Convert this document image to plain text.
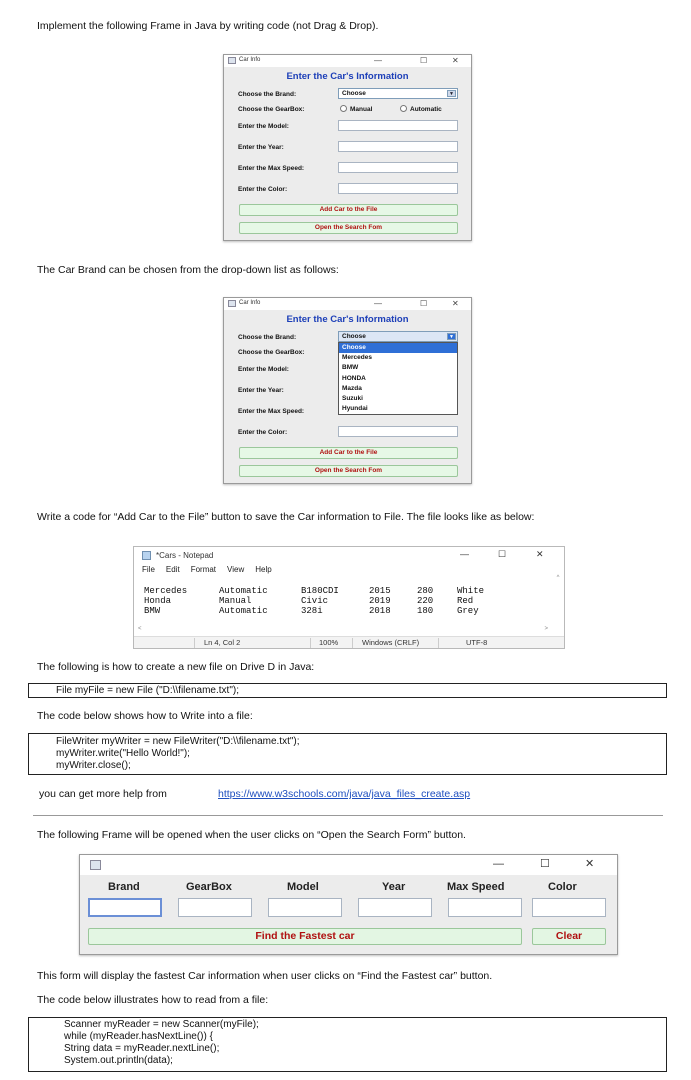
Implement the following Frame in Java by writing code (not Drag & Drop).
Car Info	—	☐	✕
Enter the Car's Information
Choose the Brand:	Choose	▼
Choose the GearBox:	Manual	Automatic
Enter the Model:
Enter the Year:
Enter the Max Speed:
Enter the Color:
Add Car to the File
Open the Search Fom
The Car Brand can be chosen from the drop-down list as follows:
Car Info	—	☐	✕
Enter the Car's Information
Choose the Brand:	Choose	▼
Choose the GearBox:
Enter the Model:
Enter the Year:
Enter the Max Speed:
Enter the Color:
Choose
Mercedes
BMW
HONDA
Mazda
Suzuki
Hyundai
Add Car to the File
Open the Search Fom
Write a code for “Add Car to the File” button to save the Car information to File. The file looks like as below:
*Cars - Notepad	—	☐	✕
File Edit Format View Help
Mercedes	Automatic	B180CDI	2015	280	White
Honda	Manual	Civic	2019	220	Red
BMW	Automatic	328i	2018	180	Grey
^
<	>
Ln 4, Col 2	100%	Windows (CRLF)	UTF-8
The following is how to create a new file on Drive D in Java:
File myFile = new File ("D:\\filename.txt");
The code below shows how to Write into a file:
FileWriter myWriter = new FileWriter("D:\\filename.txt");
myWriter.write("Hello World!");
myWriter.close();
you can get more help from	https://www.w3schools.com/java/java_files_create.asp
The following Frame will be opened when the user clicks on “Open the Search Form” button.
—	☐	✕
Brand	GearBox	Model	Year	Max Speed	Color
Find the Fastest car	Clear
This form will display the fastest Car information when user clicks on “Find the Fastest car” button.
The code below illustrates how to read from a file:
Scanner myReader = new Scanner(myFile);
while (myReader.hasNextLine()) {
String data = myReader.nextLine();
System.out.println(data);
